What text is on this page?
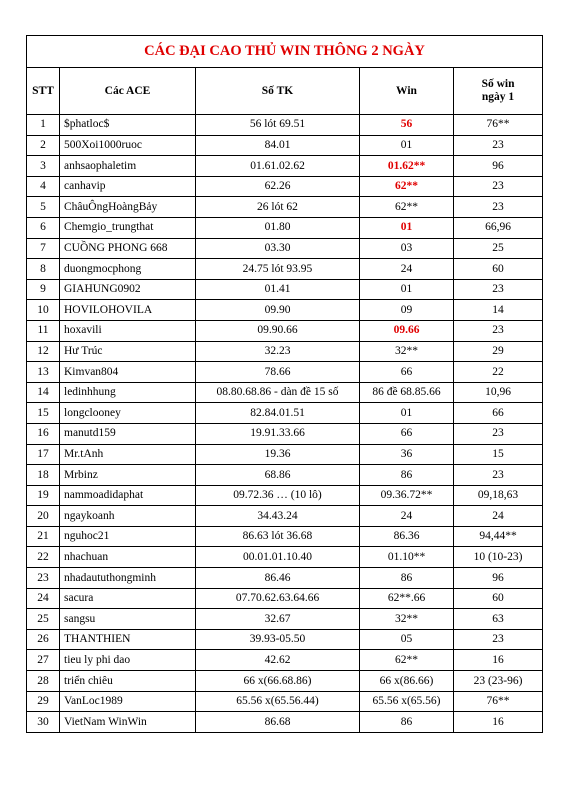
CÁC ĐẠI CAO THỦ WIN THÔNG 2 NGÀY				
STT	Các ACE	Số TK	Win	Số win
ngày 1

1	$phatloc$	56 lót 69.51	56	76**
2	500Xoi1000ruoc	84.01	01	23
3	anhsaophaletim	01.61.02.62	01.62**	96
4	canhavip	62.26	62**	23
5	ChâuÔngHoàngBảy	26 lót 62	62**	23
6	Chemgio_trungthat	01.80	01	66,96
7	CUỒNG PHONG 668	03.30	03	25
8	duongmocphong	24.75 lót 93.95	24	60
9	GIAHUNG0902	01.41	01	23
10	HOVILOHOVILA	09.90	09	14
11	hoxavili	09.90.66	09.66	23
12	Hư Trúc	32.23	32**	29
13	Kimvan804	78.66	66	22
14	ledinhhung	08.80.68.86 - dàn đề 15 số	86 đề 68.85.66	10,96
15	longclooney	82.84.01.51	01	66
16	manutd159	19.91.33.66	66	23
17	Mr.tAnh	19.36	36	15
18	Mrbinz	68.86	86	23
19	nammoadidaphat	09.72.36 … (10 lô)	09.36.72**	09,18,63
20	ngaykoanh	34.43.24	24	24
21	nguhoc21	86.63 lót 36.68	86.36	94,44**
22	nhachuan	00.01.01.10.40	01.10**	10 (10-23)
23	nhadaututhongminh	86.46	86	96
24	sacura	07.70.62.63.64.66	62**.66	60
25	sangsu	32.67	32**	63
26	THANTHIEN	39.93-05.50	05	23
27	tieu ly phi dao	42.62	62**	16
28	triển chiêu	66 x(66.68.86)	66 x(86.66)	23 (23-96)
29	VanLoc1989	65.56 x(65.56.44)	65.56 x(65.56)	76**
30	VietNam WinWin	86.68	86	16
